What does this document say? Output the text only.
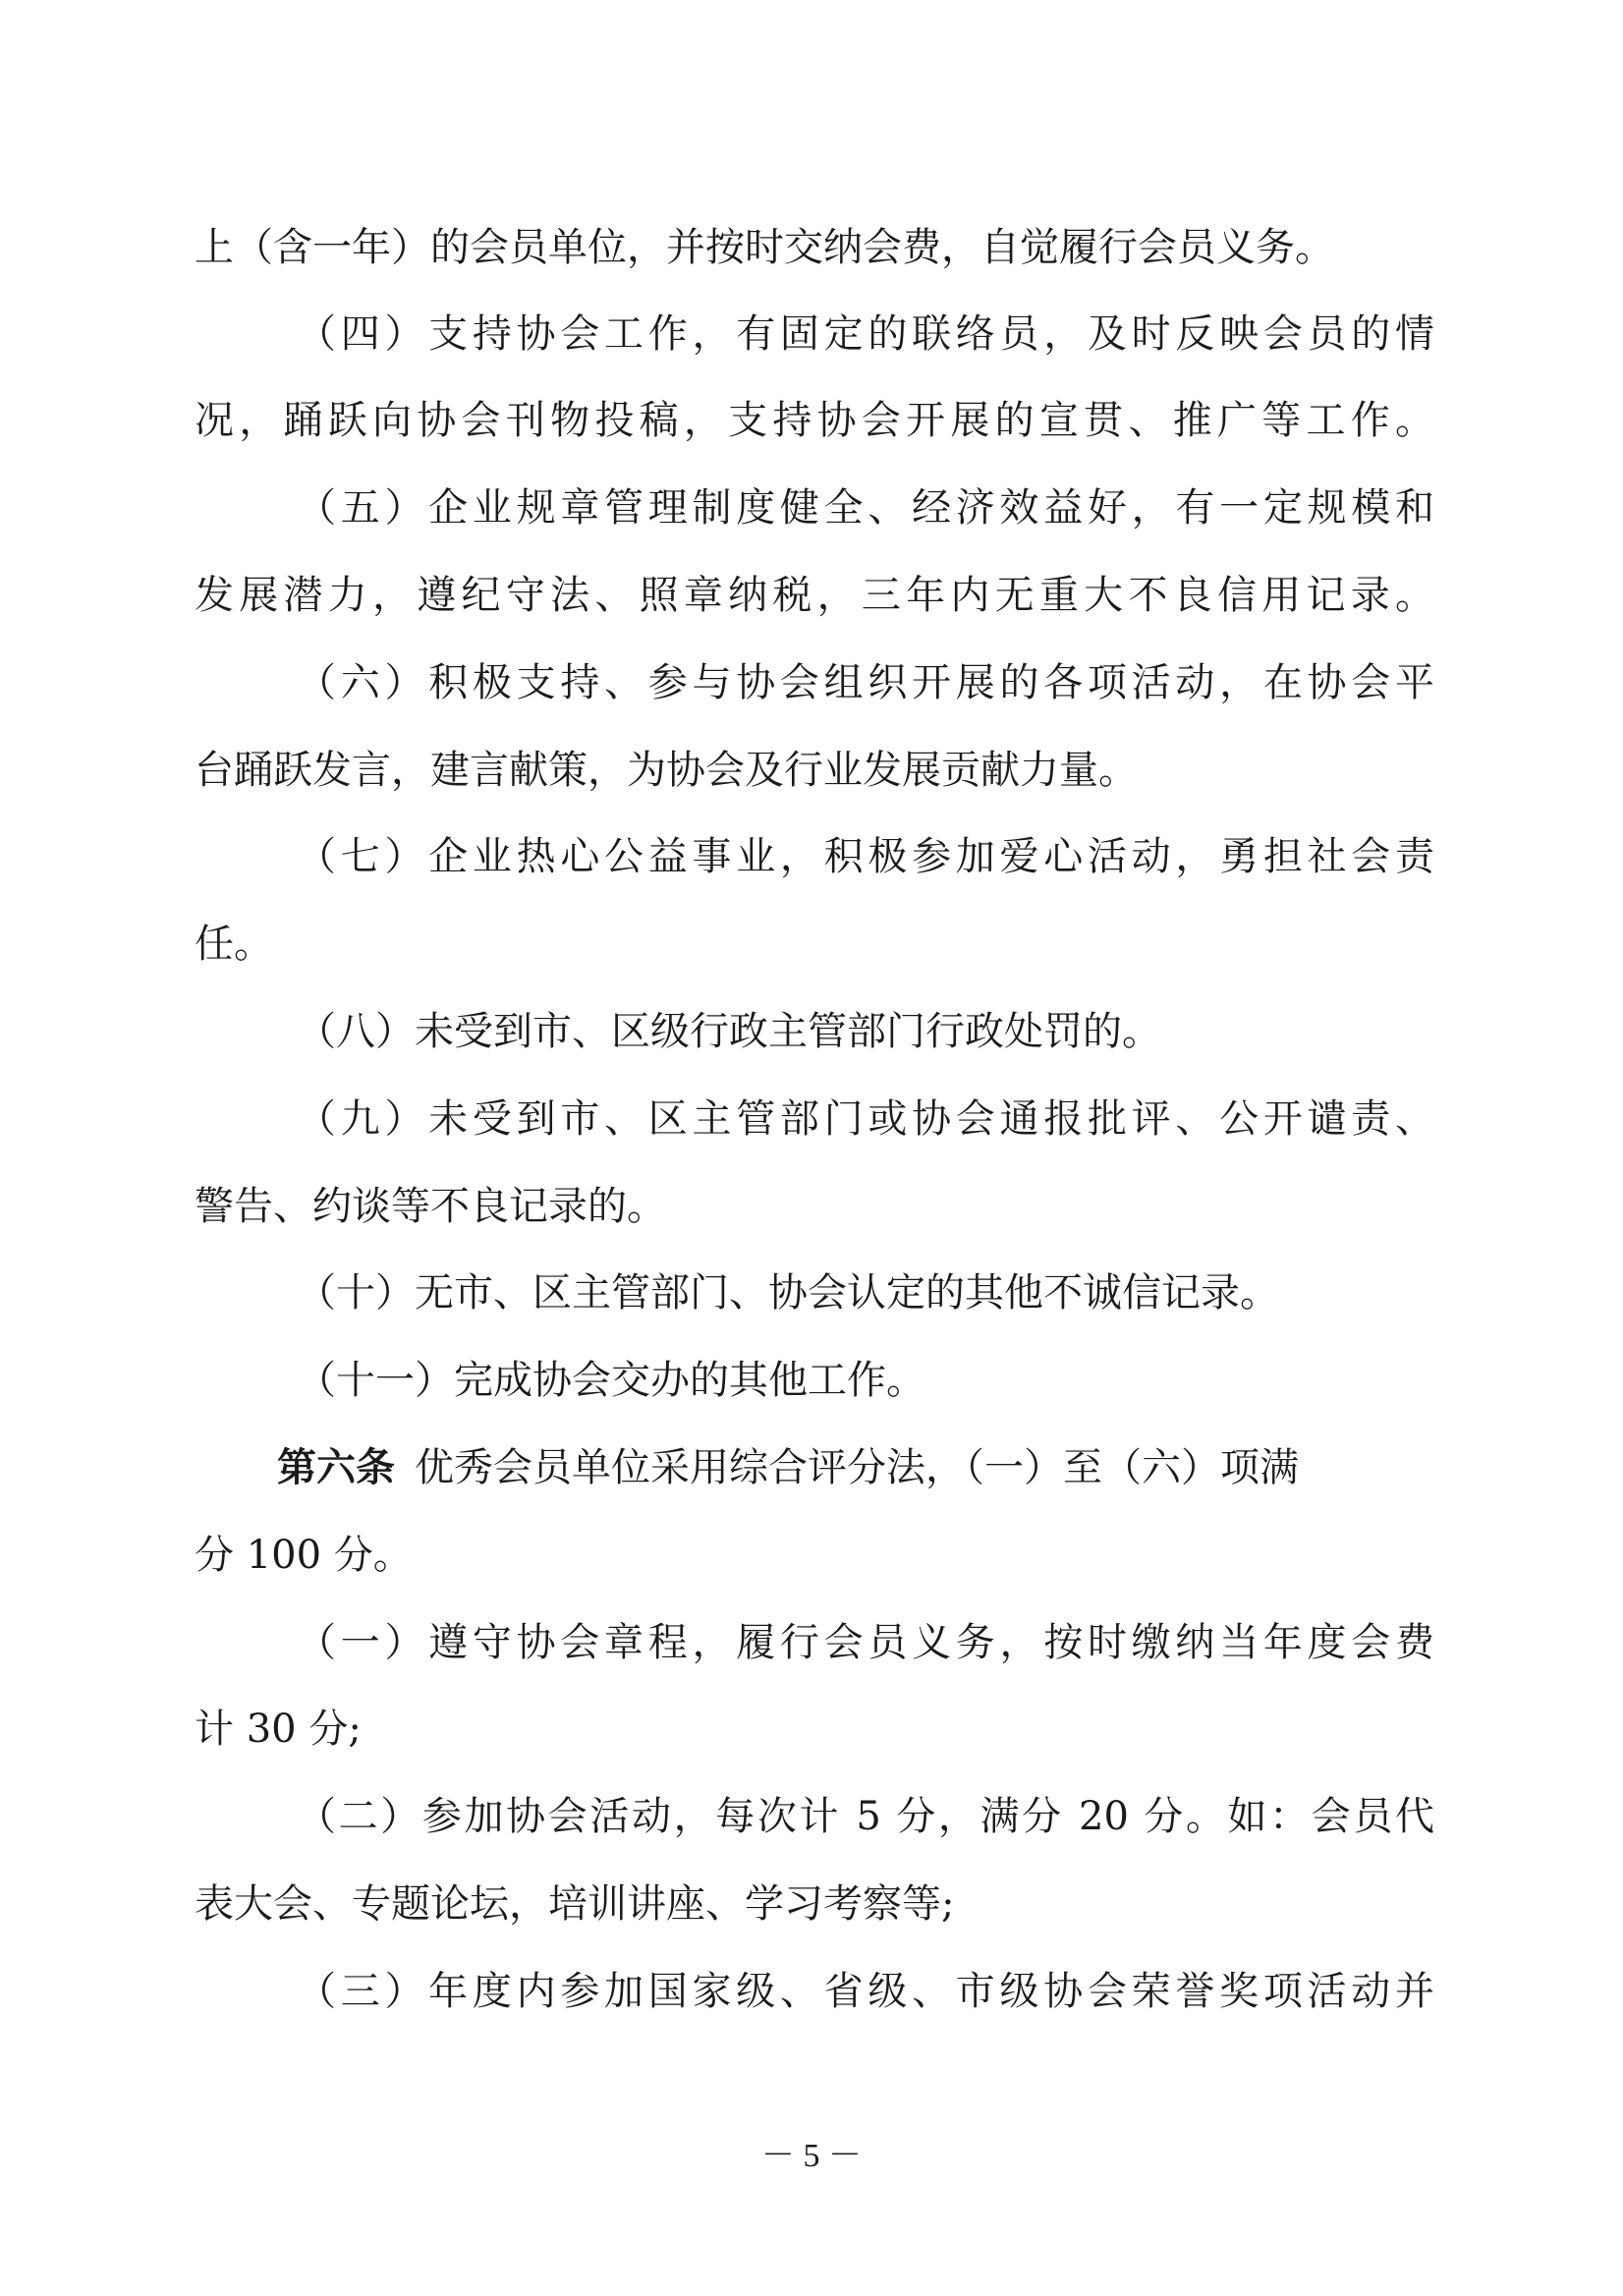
上（含一年）的会员单位，并按时交纳会费，自觉履行会员义务。
（四）支持协会工作，有固定的联络员，及时反映会员的情
况，踊跃向协会刊物投稿，支持协会开展的宣贯、推广等工作。
（五）企业规章管理制度健全、经济效益好，有一定规模和
发展潜力，遵纪守法、照章纳税，三年内无重大不良信用记录。
（六）积极支持、参与协会组织开展的各项活动，在协会平
台踊跃发言，建言献策，为协会及行业发展贡献力量。
（七）企业热心公益事业，积极参加爱心活动，勇担社会责
任。
（八）未受到市、区级行政主管部门行政处罚的。
（九）未受到市、区主管部门或协会通报批评、公开谴责、
警告、约谈等不良记录的。
（十）无市、区主管部门、协会认定的其他不诚信记录。
（十一）完成协会交办的其他工作。
第六条 优秀会员单位采用综合评分法，（一）至（六）项满
分 100 分。
（一）遵守协会章程，履行会员义务，按时缴纳当年度会费
计 30 分;
（二）参加协会活动，每次计 5 分，满分 20 分。如：会员代
表大会、专题论坛，培训讲座、学习考察等;
（三）年度内参加国家级、省级、市级协会荣誉奖项活动并
－ 5 －
